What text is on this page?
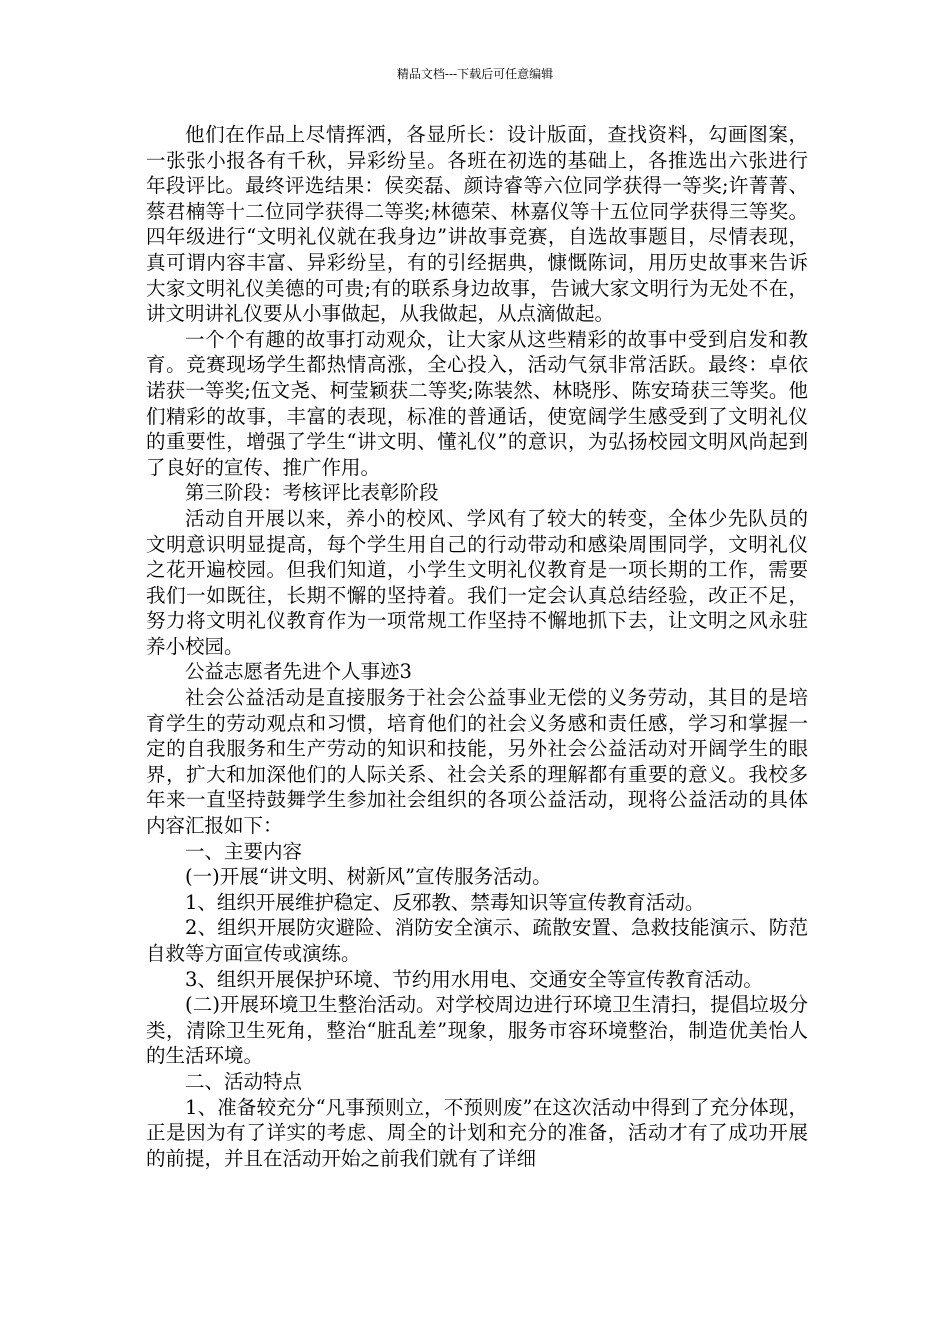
精品文档---下载后可任意编辑

他们在作品上尽情挥洒，各显所长：设计版面，查找资料，勾画图案，一张张小报各有千秋，异彩纷呈。各班在初选的基础上，各推选出六张进行年段评比。最终评选结果：侯奕磊、颜诗睿等六位同学获得一等奖;许菁菁、蔡君楠等十二位同学获得二等奖;林德荣、林嘉仪等十五位同学获得三等奖。四年级进行“文明礼仪就在我身边”讲故事竞赛，自选故事题目，尽情表现，真可谓内容丰富、异彩纷呈，有的引经据典，慷慨陈词，用历史故事来告诉大家文明礼仪美德的可贵;有的联系身边故事，告诫大家文明行为无处不在，讲文明讲礼仪要从小事做起，从我做起，从点滴做起。

一个个有趣的故事打动观众，让大家从这些精彩的故事中受到启发和教育。竞赛现场学生都热情高涨，全心投入，活动气氛非常活跃。最终：卓依诺获一等奖;伍文尧、柯莹颖获二等奖;陈装然、林晓彤、陈安琦获三等奖。他们精彩的故事，丰富的表现，标准的普通话，使宽阔学生感受到了文明礼仪的重要性，增强了学生“讲文明、懂礼仪”的意识，为弘扬校园文明风尚起到了良好的宣传、推广作用。

第三阶段：考核评比表彰阶段

活动自开展以来，养小的校风、学风有了较大的转变，全体少先队员的文明意识明显提高，每个学生用自己的行动带动和感染周围同学，文明礼仪之花开遍校园。但我们知道，小学生文明礼仪教育是一项长期的工作，需要我们一如既往，长期不懈的坚持着。我们一定会认真总结经验，改正不足，努力将文明礼仪教育作为一项常规工作坚持不懈地抓下去，让文明之风永驻养小校园。

公益志愿者先进个人事迹3

社会公益活动是直接服务于社会公益事业无偿的义务劳动，其目的是培育学生的劳动观点和习惯，培育他们的社会义务感和责任感，学习和掌握一定的自我服务和生产劳动的知识和技能，另外社会公益活动对开阔学生的眼界，扩大和加深他们的人际关系、社会关系的理解都有重要的意义。我校多年来一直坚持鼓舞学生参加社会组织的各项公益活动，现将公益活动的具体内容汇报如下：

一、主要内容

(一)开展“讲文明、树新风”宣传服务活动。

1、组织开展维护稳定、反邪教、禁毒知识等宣传教育活动。

2、组织开展防灾避险、消防安全演示、疏散安置、急救技能演示、防范自救等方面宣传或演练。

3、组织开展保护环境、节约用水用电、交通安全等宣传教育活动。

(二)开展环境卫生整治活动。对学校周边进行环境卫生清扫，提倡垃圾分类，清除卫生死角，整治“脏乱差”现象，服务市容环境整治，制造优美怡人的生活环境。

二、活动特点

1、准备较充分“凡事预则立，不预则废”在这次活动中得到了充分体现，正是因为有了详实的考虑、周全的计划和充分的准备，活动才有了成功开展的前提，并且在活动开始之前我们就有了详细
